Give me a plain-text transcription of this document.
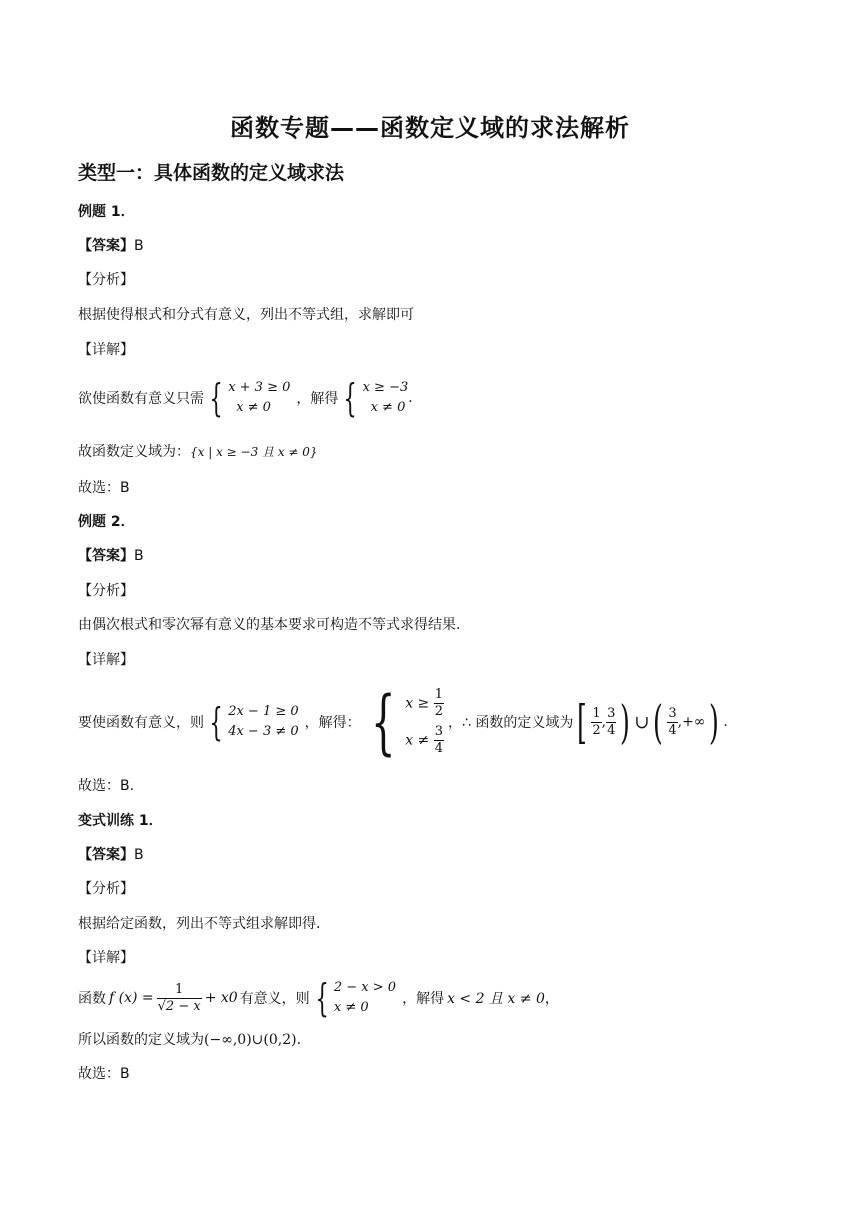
函数专题——函数定义域的求法解析
类型一：具体函数的定义域求法
例题 1．
【答案】B
【分析】
根据使得根式和分式有意义，列出不等式组，求解即可
【详解】
欲使函数有意义只需 { x + 3 ≥ 0
x ≠ 0
，解得 { x ≥ −3
x ≠ 0
.
故函数定义域为：{x | x ≥ −3 且 x ≠ 0}
故选：B
例题 2．
【答案】B
【分析】
由偶次根式和零次幂有意义的基本要求可构造不等式求得结果.
【详解】
要使函数有意义，则 { 2x − 1 ≥ 0
4x − 3 ≠ 0
，解得： { $x \ge \frac{1}{2}$
$x \ne \frac{3}{4}$
，∴ 函数的定义域为 [ $\frac{1}{2}$ , $\frac{3}{4}$ ) ∪ ( $\frac{3}{4}$ ,+∞ ) .
故选：B.
变式训练 1．
【答案】B
【分析】
根据给定函数，列出不等式组求解即得.
【详解】
函数 f $(x) = \frac{1}{√2 - x} + x$ 0 有意义，则 { 2 − x > 0
x ≠ 0
，解得 x < 2 且 x ≠ 0 ，
所以函数的定义域为(−∞,0)∪(0,2).
故选：B
